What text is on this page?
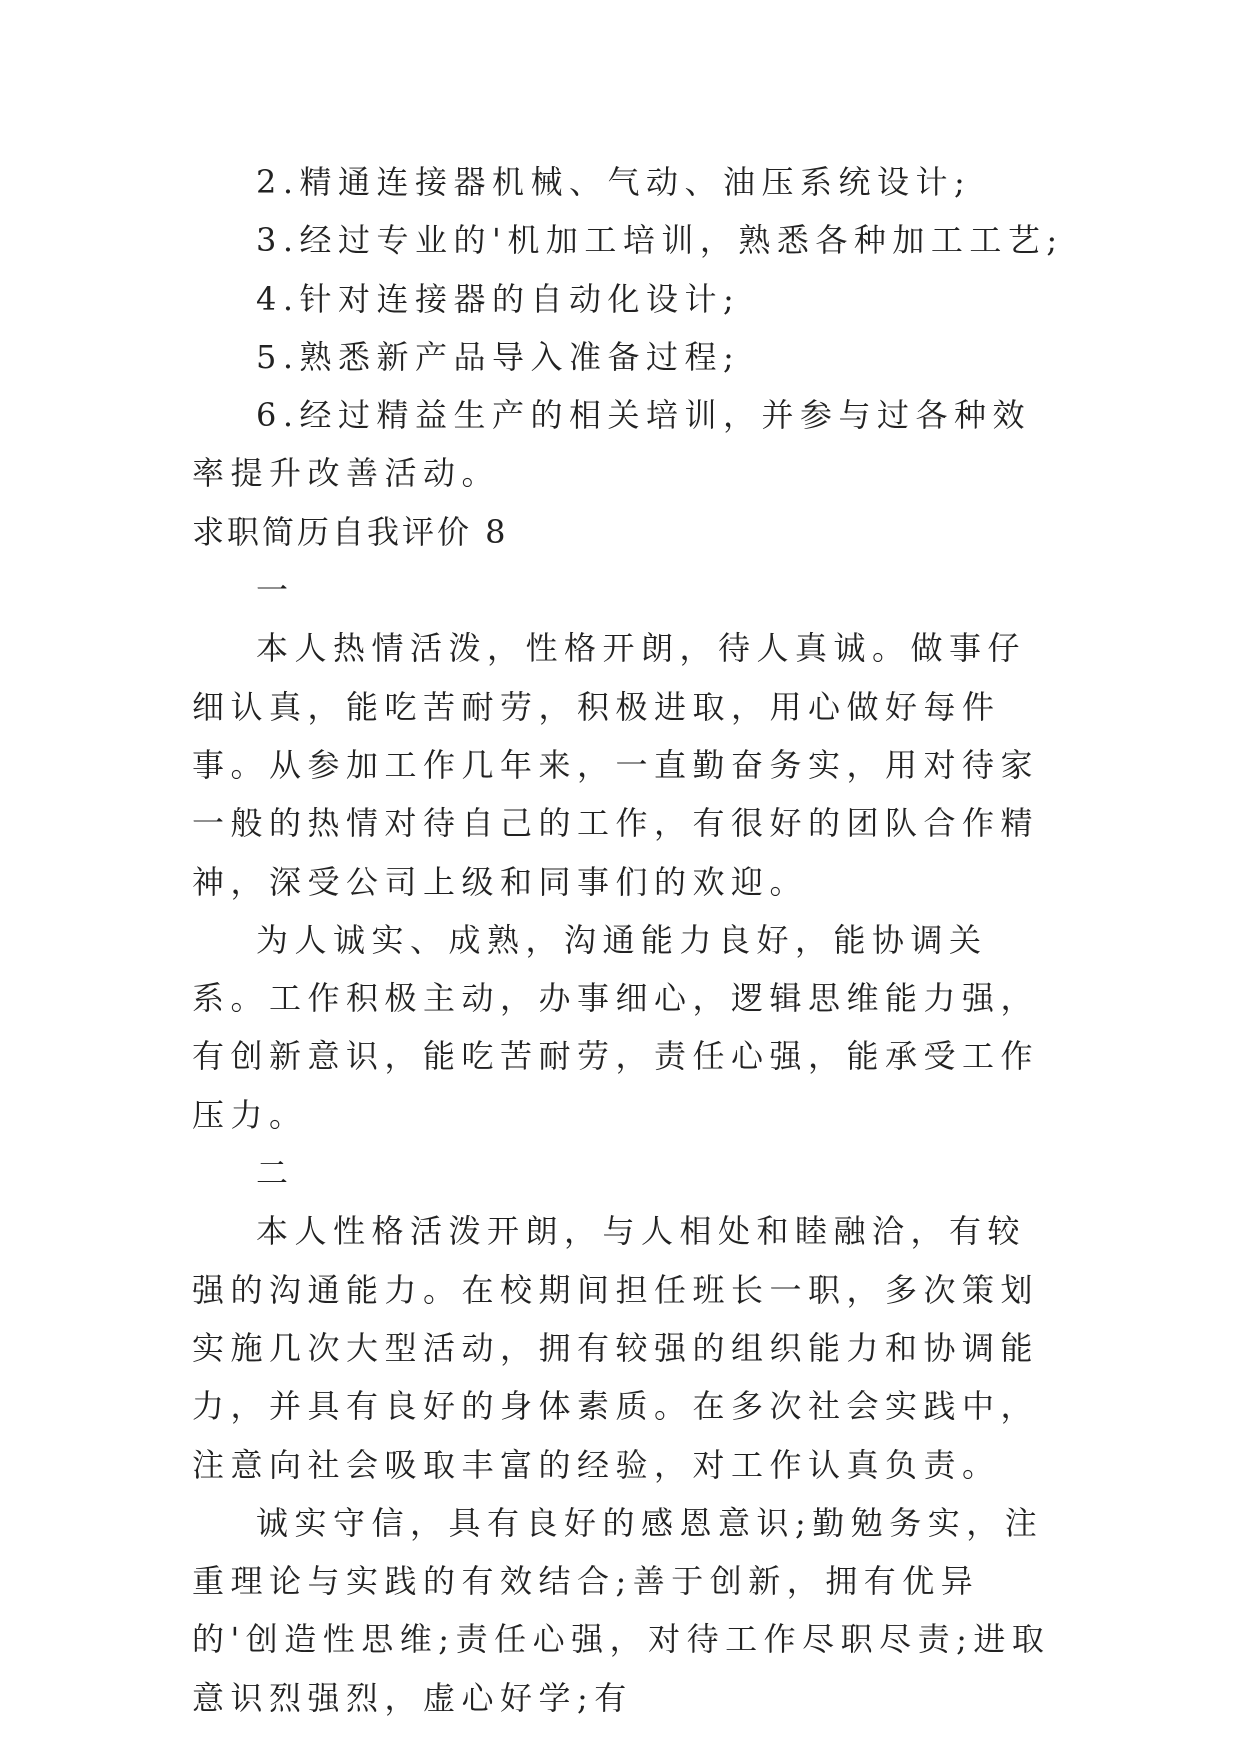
2.精通连接器机械、气动、油压系统设计;

3.经过专业的'机加工培训，熟悉各种加工工艺;

4.针对连接器的自动化设计;

5.熟悉新产品导入准备过程;

6.经过精益生产的相关培训，并参与过各种效率提升改善活动。

求职简历自我评价 8

一

本人热情活泼，性格开朗，待人真诚。做事仔细认真，能吃苦耐劳，积极进取，用心做好每件事。从参加工作几年来，一直勤奋务实，用对待家一般的热情对待自己的工作，有很好的团队合作精神，深受公司上级和同事们的欢迎。

为人诚实、成熟，沟通能力良好，能协调关系。工作积极主动，办事细心，逻辑思维能力强，有创新意识，能吃苦耐劳，责任心强，能承受工作压力。

二

本人性格活泼开朗，与人相处和睦融洽，有较强的沟通能力。在校期间担任班长一职，多次策划实施几次大型活动，拥有较强的组织能力和协调能力，并具有良好的身体素质。在多次社会实践中，注意向社会吸取丰富的经验，对工作认真负责。

诚实守信，具有良好的感恩意识;勤勉务实，注重理论与实践的有效结合;善于创新，拥有优异的'创造性思维;责任心强，对待工作尽职尽责;进取意识烈强烈，虚心好学;有
